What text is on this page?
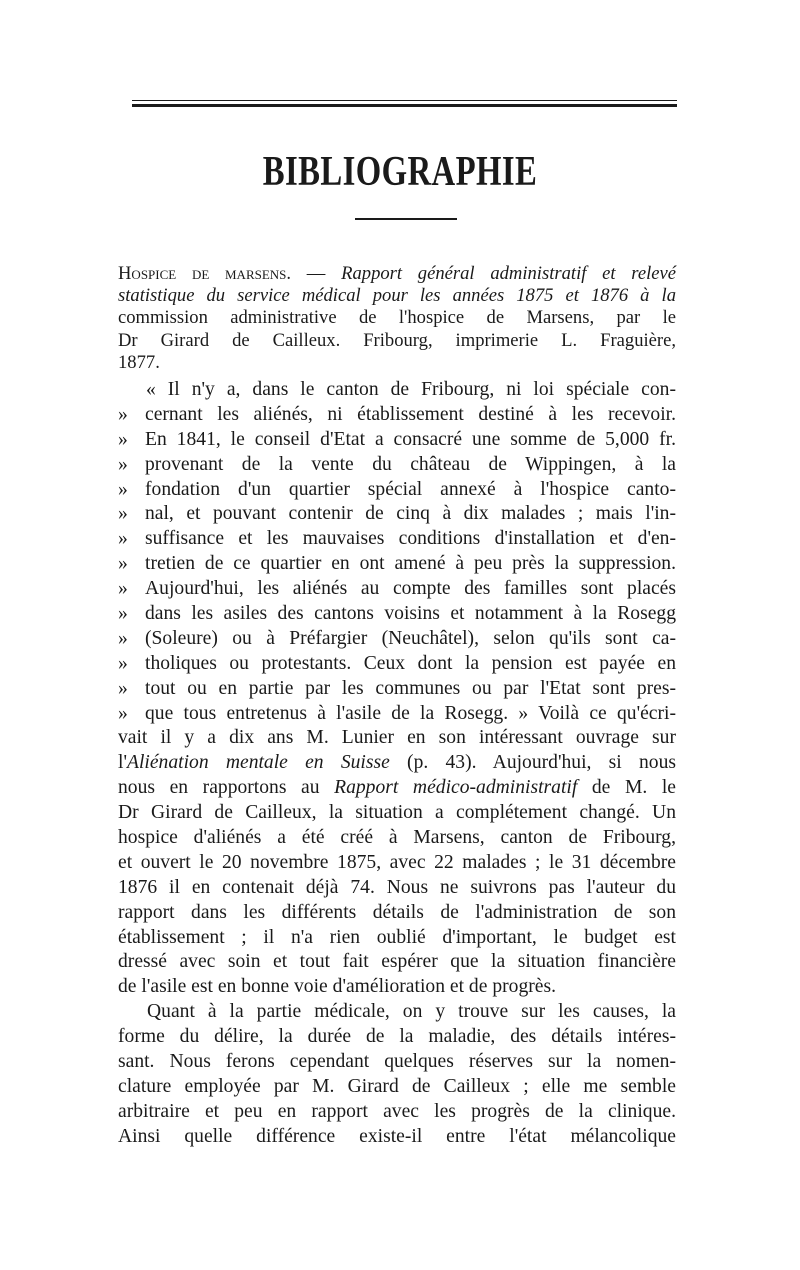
BIBLIOGRAPHIE
Hospice de marsens. — Rapport général administratif et relevé
statistique du service médical pour les années 1875 et 1876 à la
commission administrative de l'hospice de Marsens, par le
Dr Girard de Cailleux. Fribourg, imprimerie L. Fraguière,
1877.
« Il n'y a, dans le canton de Fribourg, ni loi spéciale con-
» cernant les aliénés, ni établissement destiné à les recevoir.
» En 1841, le conseil d'Etat a consacré une somme de 5,000 fr.
» provenant de la vente du château de Wippingen, à la
» fondation d'un quartier spécial annexé à l'hospice canto-
» nal, et pouvant contenir de cinq à dix malades ; mais l'in-
» suffisance et les mauvaises conditions d'installation et d'en-
» tretien de ce quartier en ont amené à peu près la suppression.
» Aujourd'hui, les aliénés au compte des familles sont placés
» dans les asiles des cantons voisins et notamment à la Rosegg
» (Soleure) ou à Préfargier (Neuchâtel), selon qu'ils sont ca-
» tholiques ou protestants. Ceux dont la pension est payée en
» tout ou en partie par les communes ou par l'Etat sont pres-
» que tous entretenus à l'asile de la Rosegg. » Voilà ce qu'écri-
vait il y a dix ans M. Lunier en son intéressant ouvrage sur
l'Aliénation mentale en Suisse (p. 43). Aujourd'hui, si nous
nous en rapportons au Rapport médico-administratif de M. le
Dr Girard de Cailleux, la situation a complétement changé. Un
hospice d'aliénés a été créé à Marsens, canton de Fribourg,
et ouvert le 20 novembre 1875, avec 22 malades ; le 31 décembre
1876 il en contenait déjà 74. Nous ne suivrons pas l'auteur du
rapport dans les différents détails de l'administration de son
établissement ; il n'a rien oublié d'important, le budget est
dressé avec soin et tout fait espérer que la situation financière
de l'asile est en bonne voie d'amélioration et de progrès.
Quant à la partie médicale, on y trouve sur les causes, la
forme du délire, la durée de la maladie, des détails intéres-
sant. Nous ferons cependant quelques réserves sur la nomen-
clature employée par M. Girard de Cailleux ; elle me semble
arbitraire et peu en rapport avec les progrès de la clinique.
Ainsi quelle différence existe-il entre l'état mélancolique
